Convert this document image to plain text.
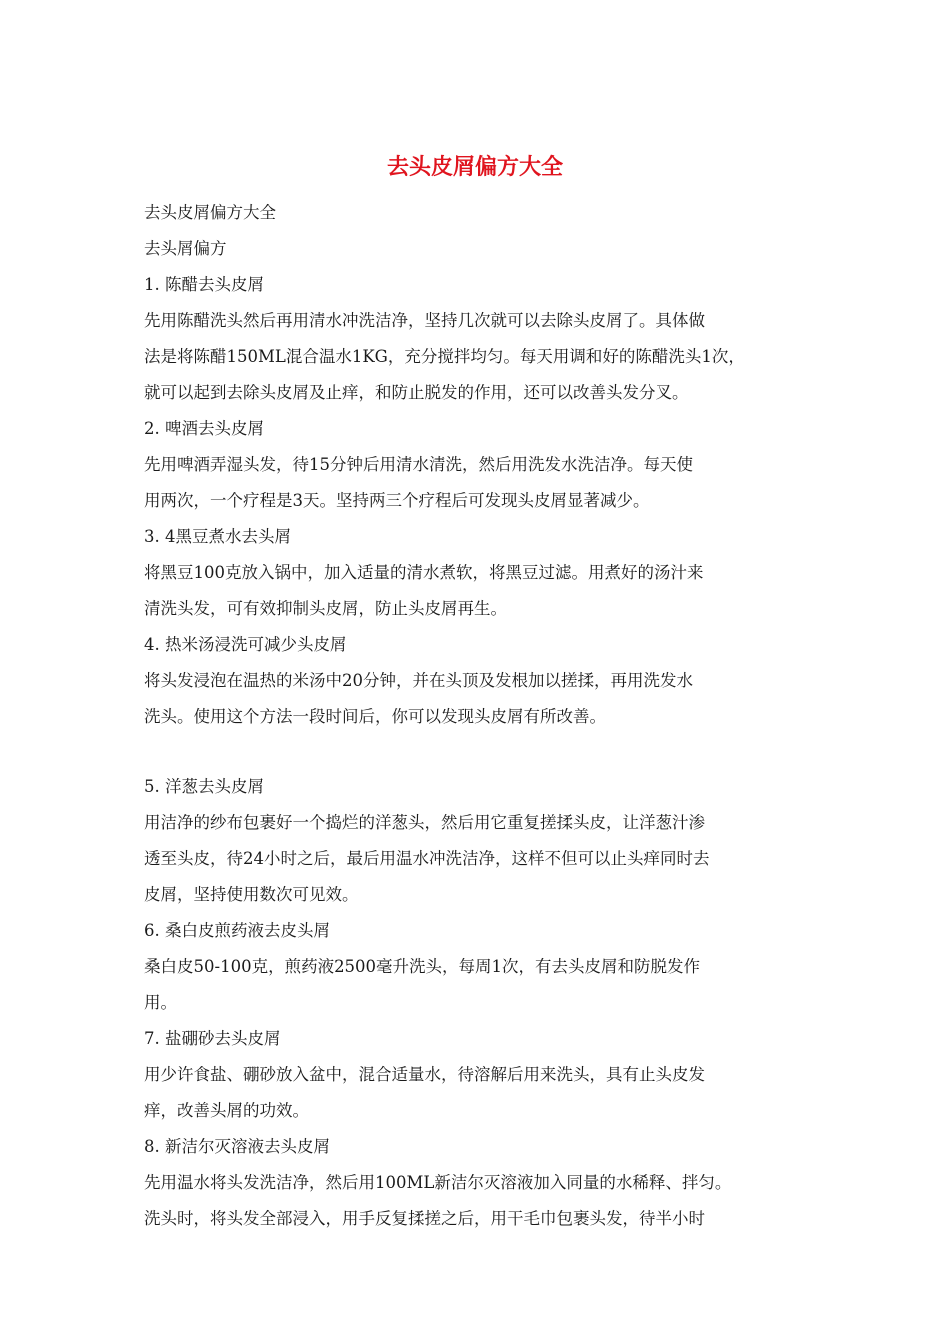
去头皮屑偏方大全
去头皮屑偏方大全
去头屑偏方
1. 陈醋去头皮屑
先用陈醋洗头然后再用清水冲洗洁净，坚持几次就可以去除头皮屑了。具体做
法是将陈醋150ML混合温水1KG，充分搅拌均匀。每天用调和好的陈醋洗头1次，
就可以起到去除头皮屑及止痒，和防止脱发的作用，还可以改善头发分叉。
2. 啤酒去头皮屑
先用啤酒弄湿头发，待15分钟后用清水清洗，然后用洗发水洗洁净。每天使
用两次，一个疗程是3天。坚持两三个疗程后可发现头皮屑显著减少。
3. 4黑豆煮水去头屑
将黑豆100克放入锅中，加入适量的清水煮软，将黑豆过滤。用煮好的汤汁来
清洗头发，可有效抑制头皮屑，防止头皮屑再生。
4. 热米汤浸洗可减少头皮屑
将头发浸泡在温热的米汤中20分钟，并在头顶及发根加以搓揉，再用洗发水
洗头。使用这个方法一段时间后，你可以发现头皮屑有所改善。
5. 洋葱去头皮屑
用洁净的纱布包裹好一个捣烂的洋葱头，然后用它重复搓揉头皮，让洋葱汁渗
透至头皮，待24小时之后，最后用温水冲洗洁净，这样不但可以止头痒同时去
皮屑，坚持使用数次可见效。
6. 桑白皮煎药液去皮头屑
桑白皮50-100克，煎药液2500毫升洗头，每周1次，有去头皮屑和防脱发作
用。
7. 盐硼砂去头皮屑
用少许食盐、硼砂放入盆中，混合适量水，待溶解后用来洗头，具有止头皮发
痒，改善头屑的功效。
8. 新洁尔灭溶液去头皮屑
先用温水将头发洗洁净，然后用100ML新洁尔灭溶液加入同量的水稀释、拌匀。
洗头时，将头发全部浸入，用手反复揉搓之后，用干毛巾包裹头发，待半小时
